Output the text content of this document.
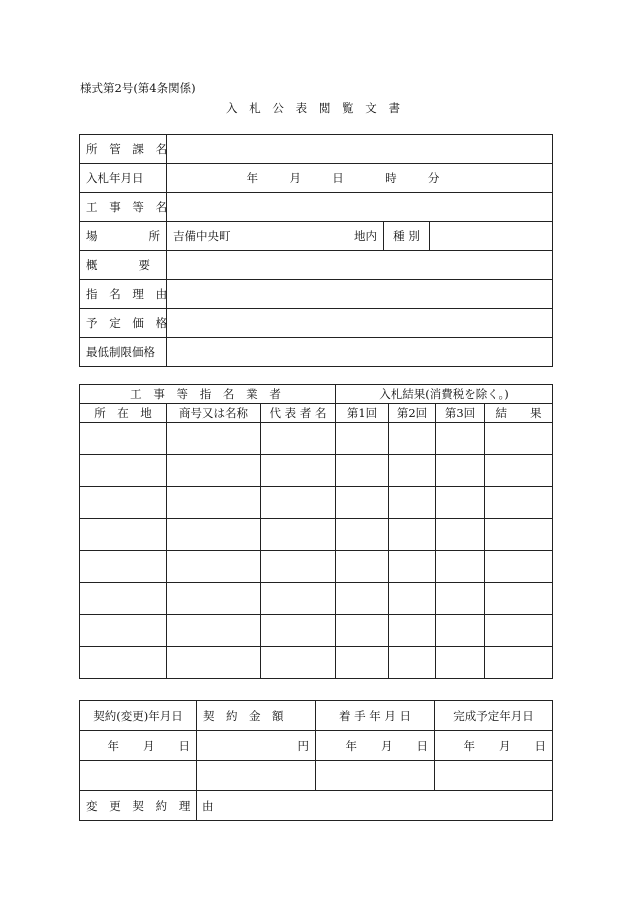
様式第2号(第4条関係)
入 札 公 表 閲 覧 文 書
所 管 課 名			
入札年月日	年 月 日 時 分		
工 事 等 名			

場 所	吉備中央町 地内	種 別	

概 要			

指 名 理 由			
予 定 価 格			
最低制限価格			
工 事 等 指 名 業 者			入札結果(消費税を除く。)			
所　在　地	商号又は名称	代 表 者 名	第1回	第2回	第3回	結　　果

契約(変更)年月日	契　約　金　額	着 手 年 月 日	完成予定年月日
年 月 日	円	年 月 日	年 月 日

変 更 契 約 理 由			
